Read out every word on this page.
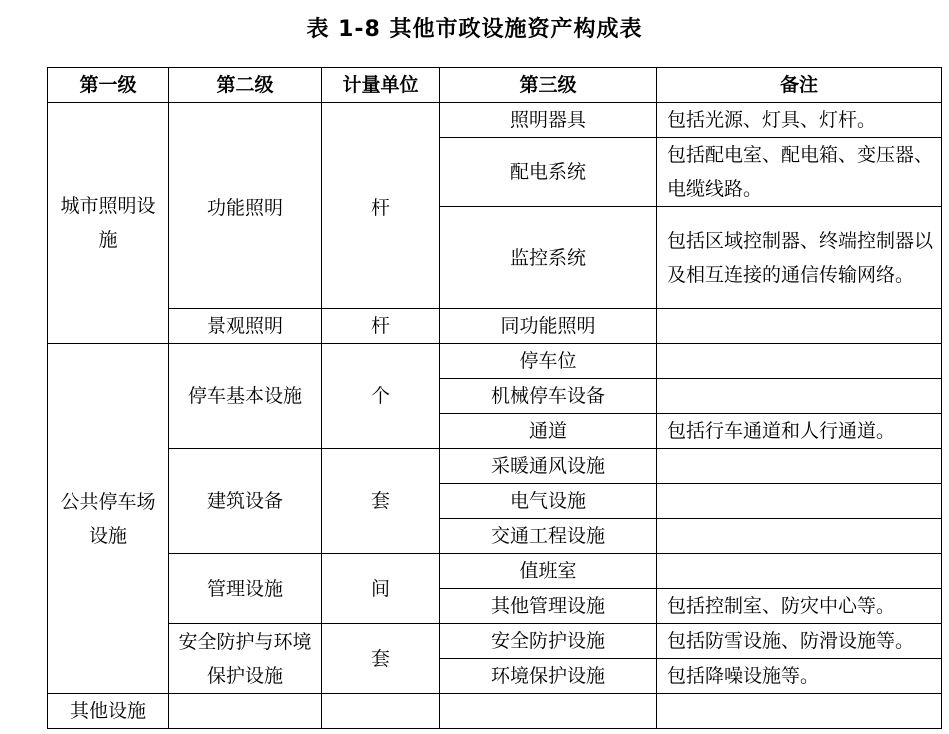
表 1-8 其他市政设施资产构成表
第一级	第二级	计量单位	第三级	备注
城市照明设施	功能照明	杆	照明器具	包括光源、灯具、灯杆。
			配电系统	包括配电室、配电箱、变压器、电缆线路。

			监控系统	包括区域控制器、终端控制器以及相互连接的通信传输网络。

	景观照明	杆	同功能照明	
公共停车场设施	停车基本设施	个	停车位	
			机械停车设备	
			通道	包括行车通道和人行通道。
	建筑设备	套	采暖通风设施	
			电气设施	
			交通工程设施	
	管理设施	间	值班室	
			其他管理设施	包括控制室、防灾中心等。
	安全防护与环境保护设施	套	安全防护设施	包括防雪设施、防滑设施等。
			环境保护设施	包括降噪设施等。
其他设施				
